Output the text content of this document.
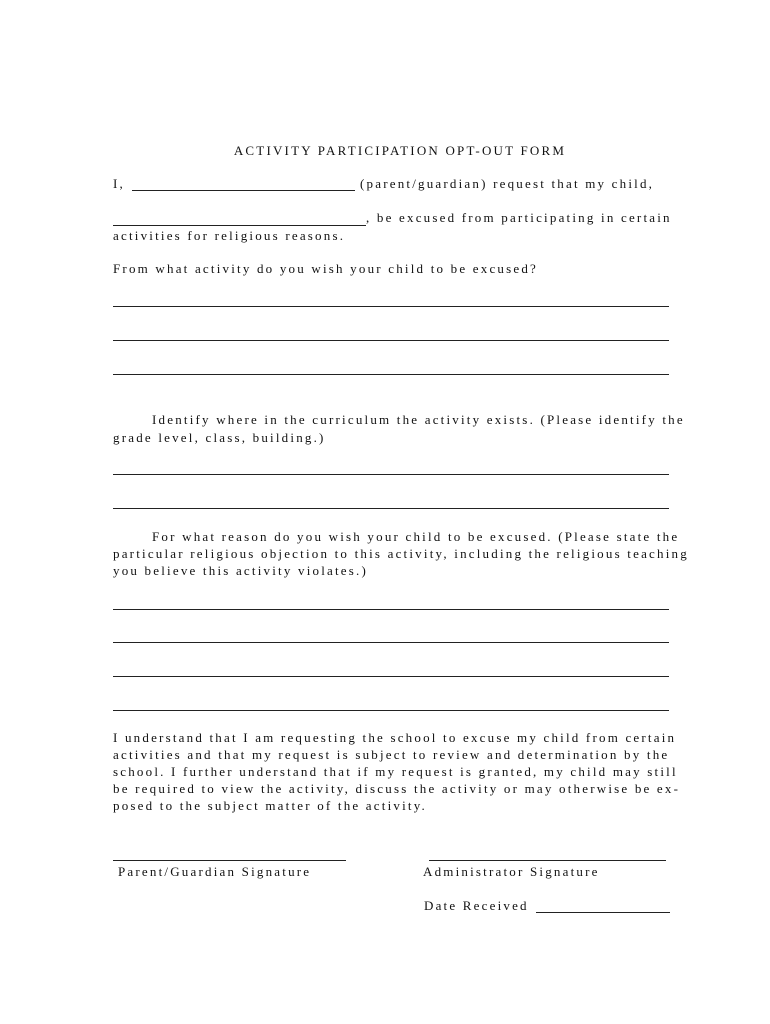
ACTIVITY PARTICIPATION OPT-OUT FORM
I,	(parent/guardian) request that my child,
, be excused from participating in certain
activities for religious reasons.
From what activity do you wish your child to be excused?
Identify where in the curriculum the activity exists. (Please identify the
grade level, class, building.)
For what reason do you wish your child to be excused. (Please state the
particular religious objection to this activity, including the religious teaching
you believe this activity violates.)
I understand that I am requesting the school to excuse my child from certain
activities and that my request is subject to review and determination by the
school. I further understand that if my request is granted, my child may still
be required to view the activity, discuss the activity or may otherwise be ex-
posed to the subject matter of the activity.
Parent/Guardian Signature	Administrator Signature
Date Received
